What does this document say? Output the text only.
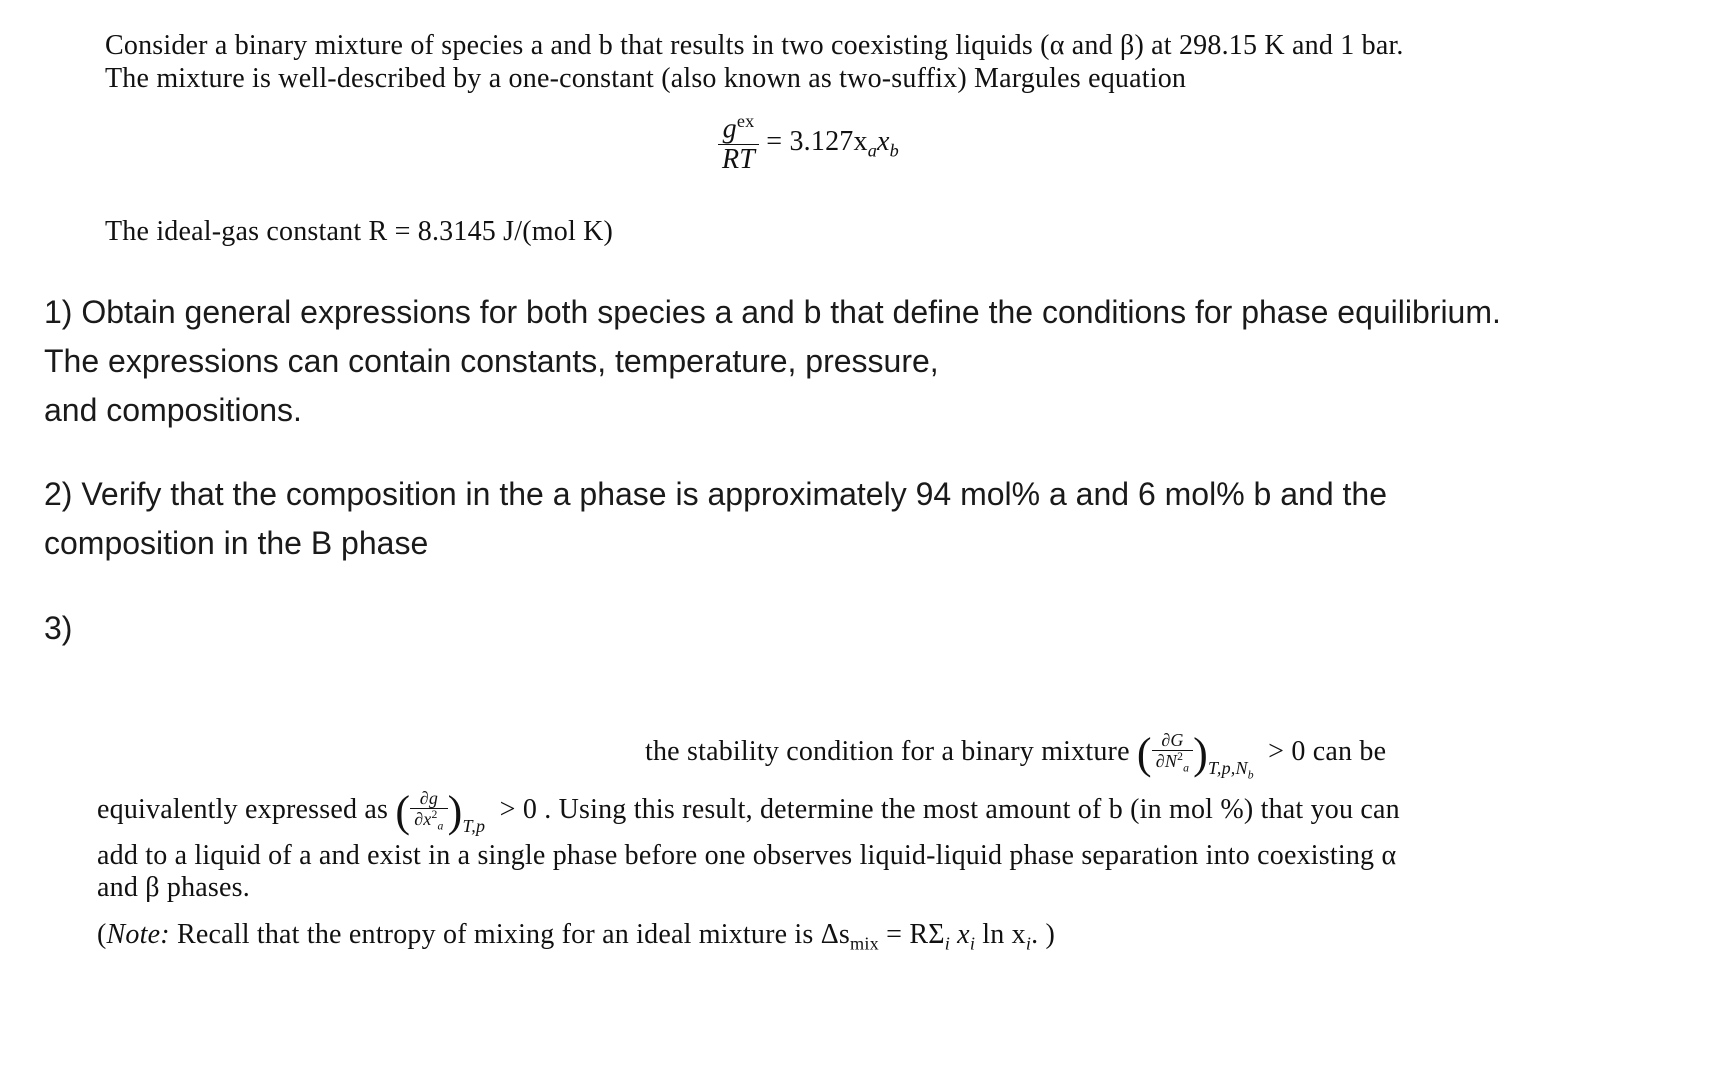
Consider a binary mixture of species a and b that results in two coexisting liquids (α and β) at 298.15 K and 1 bar.
The mixture is well-described by a one-constant (also known as two-suffix) Margules equation
$\frac{g^{ex}}{RT} = 3.127x_ax_b$
The ideal-gas constant R = 8.3145 J/(mol K)
1) Obtain general expressions for both species a and b that define the conditions for phase equilibrium.
The expressions can contain constants, temperature, pressure,
and compositions.
2) Verify that the composition in the a phase is approximately 94 mol% a and 6 mol% b and the
composition in the B phase
3)
the stability condition for a binary mixture ( $\frac{\partial G}{\partial N^2_a} )_{T,p,N_b} > 0$ can be
equivalently expressed as ( $\frac{\partial g}{\partial x^2_a} )_{T,p} > 0$ . Using this result, determine the most amount of b (in mol %) that you can
add to a liquid of a and exist in a single phase before one observes liquid-liquid phase separation into coexisting α
and β phases.
(Note: Recall that the entropy of mixing for an ideal mixture is $\Delta s_{mix} = R\Sigma_i$ $x_i$ $\ln x_i$. )
